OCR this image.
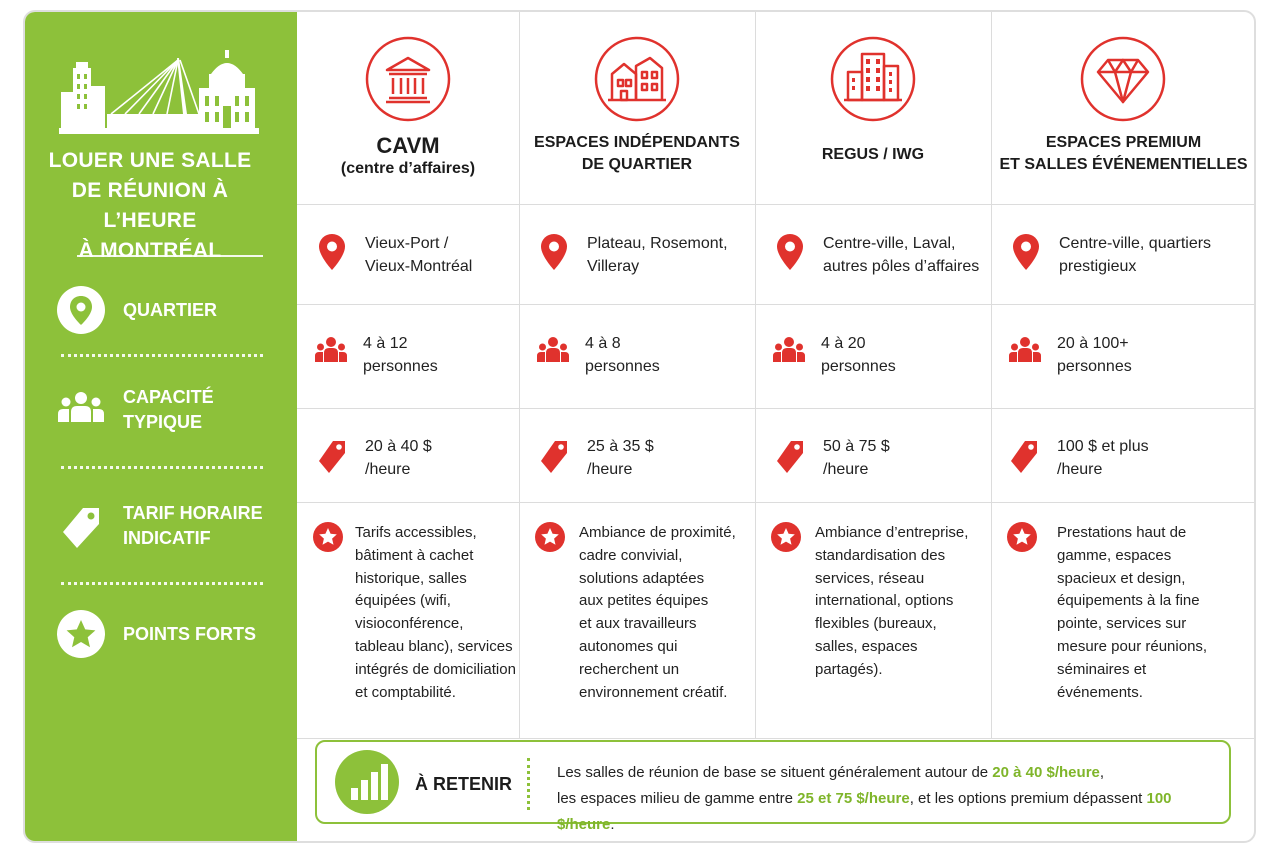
LOUER UNE SALLE
DE RÉUNION À L’HEURE
À MONTRÉAL
QUARTIER
CAPACITÉ
TYPIQUE
TARIF HORAIRE
INDICATIF
POINTS FORTS
CAVM
(centre d’affaires)
ESPACES INDÉPENDANTS
DE QUARTIER
REGUS / IWG
ESPACES PREMIUM
ET SALLES ÉVÉNEMENTIELLES
Vieux-Port /
Vieux-Montréal
Plateau, Rosemont,
Villeray
Centre-ville, Laval,
autres pôles d’affaires
Centre-ville, quartiers
prestigieux
4 à 12
personnes
4 à 8
personnes
4 à 20
personnes
20 à 100+
personnes
20 à 40 $
/heure
25 à 35 $
/heure
50 à 75 $
/heure
100 $ et plus
/heure
Tarifs accessibles,
bâtiment à cachet
historique, salles
équipées (wifi,
visioconférence,
tableau blanc), services
intégrés de domiciliation
et comptabilité.
Ambiance de proximité,
cadre convivial,
solutions adaptées
aux petites équipes
et aux travailleurs
autonomes qui
recherchent un
environnement créatif.
Ambiance d’entreprise,
standardisation des
services, réseau
international, options
flexibles (bureaux,
salles, espaces
partagés).
Prestations haut de
gamme, espaces
spacieux et design,
équipements à la fine
pointe, services sur
mesure pour réunions,
séminaires et
événements.
À RETENIR
Les salles de réunion de base se situent généralement autour de 20 à 40 $/heure,
les espaces milieu de gamme entre 25 et 75 $/heure, et les options premium dépassent 100 $/heure.
